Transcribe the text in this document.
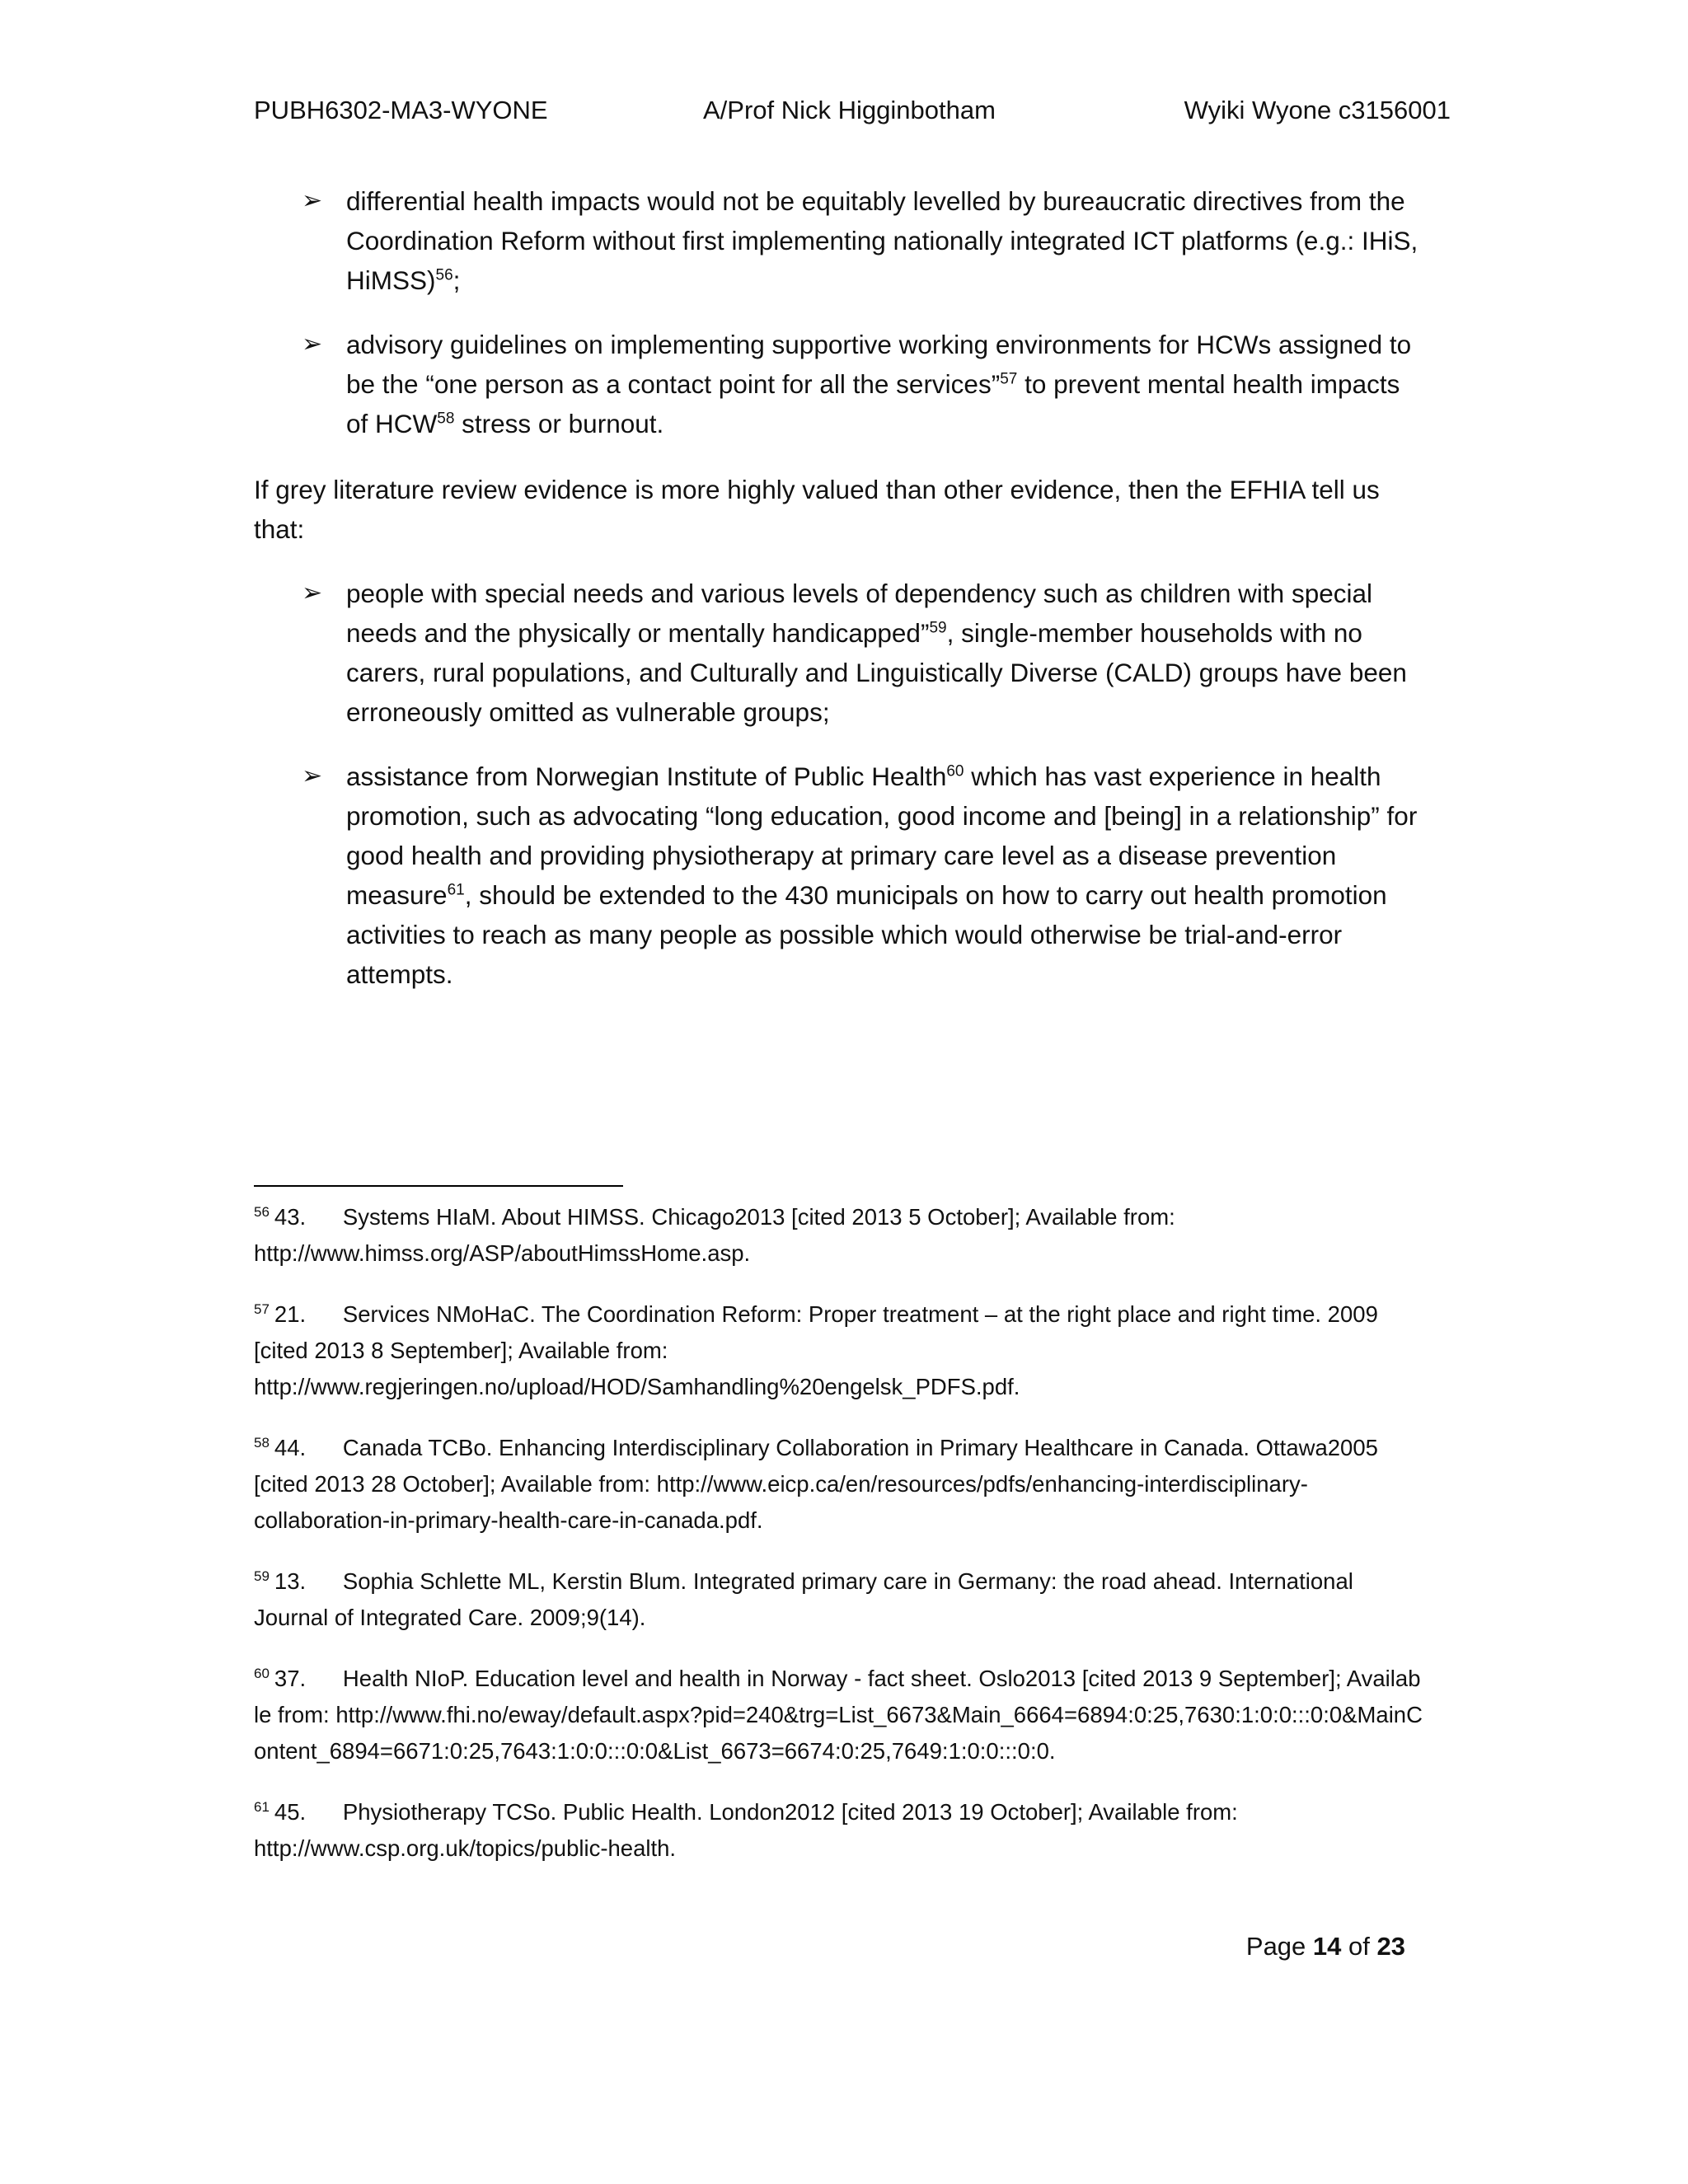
PUBH6302-MA3-WYONE	A/Prof Nick Higginbotham	Wyiki Wyone c3156001
➢ differential health impacts would not be equitably levelled by bureaucratic directives from the Coordination Reform without first implementing nationally integrated ICT platforms (e.g.: IHiS, HiMSS)$^{56}$;
➢ advisory guidelines on implementing supportive working environments for HCWs assigned to be the “one person as a contact point for all the services”$^{57}$ to prevent mental health impacts of HCW$^{58}$ stress or burnout.

If grey literature review evidence is more highly valued than other evidence, then the EFHIA tell us that:

➢ people with special needs and various levels of dependency such as children with special needs and the physically or mentally handicapped”$^{59}$, single-member households with no carers, rural populations, and Culturally and Linguistically Diverse (CALD) groups have been erroneously omitted as vulnerable groups;
➢ assistance from Norwegian Institute of Public Health$^{60}$ which has vast experience in health promotion, such as advocating “long education, good income and [being] in a relationship” for good health and providing physiotherapy at primary care level as a disease prevention measure$^{61}$, should be extended to the 430 municipals on how to carry out health promotion activities to reach as many people as possible which would otherwise be trial-and-error attempts.

$^{56}$ 43. Systems HIaM. About HIMSS. Chicago2013 [cited 2013 5 October]; Available from: http://www.himss.org/ASP/aboutHimssHome.asp.

$^{57}$ 21. Services NMoHaC. The Coordination Reform: Proper treatment – at the right place and right time. 2009 [cited 2013 8 September]; Available from: http://www.regjeringen.no/upload/HOD/Samhandling%20engelsk_PDFS.pdf.

$^{58}$ 44. Canada TCBo. Enhancing Interdisciplinary Collaboration in Primary Healthcare in Canada. Ottawa2005 [cited 2013 28 October]; Available from: http://www.eicp.ca/en/resources/pdfs/enhancing-interdisciplinary-collaboration-in-primary-health-care-in-canada.pdf.

$^{59}$ 13. Sophia Schlette ML, Kerstin Blum. Integrated primary care in Germany: the road ahead. International Journal of Integrated Care. 2009;9(14).

$^{60}$ 37. Health NIoP. Education level and health in Norway - fact sheet. Oslo2013 [cited 2013 9 September]; Available from: http://www.fhi.no/eway/default.aspx?pid=240&trg=List_6673&Main_6664=6894:0:25,7630:1:0:0:::0:0&MainContent_6894=6671:0:25,7643:1:0:0:::0:0&List_6673=6674:0:25,7649:1:0:0:::0:0.

$^{61}$ 45. Physiotherapy TCSo. Public Health. London2012 [cited 2013 19 October]; Available from: http://www.csp.org.uk/topics/public-health.

Page 14 of 23
